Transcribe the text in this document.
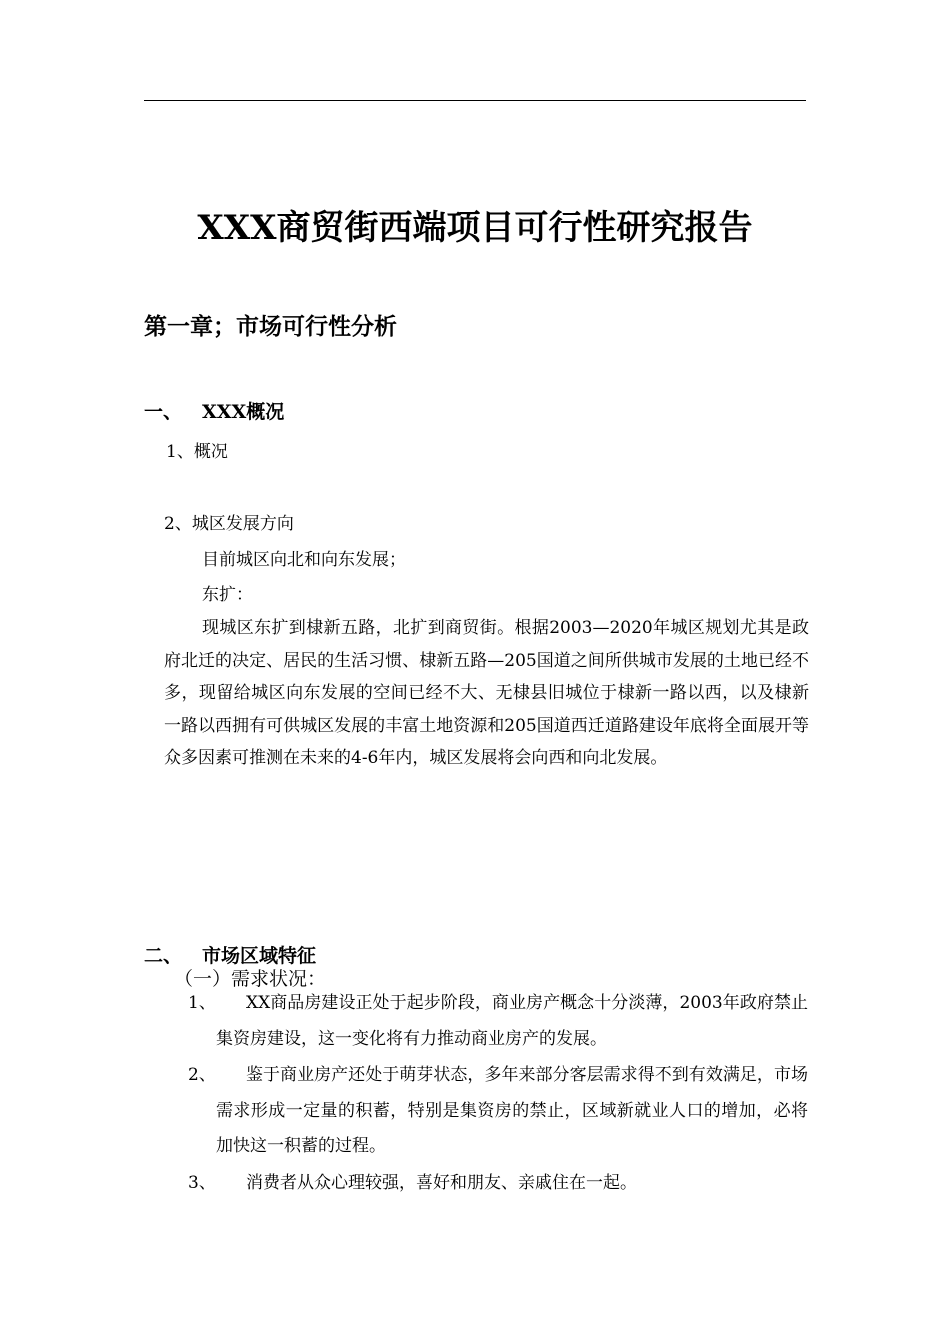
XXX商贸街西端项目可行性研究报告
第一章；市场可行性分析
一、 XXX概况
1、概况
2、城区发展方向
目前城区向北和向东发展；
东扩：
现城区东扩到棣新五路，北扩到商贸街。根据2003—2020年城区规划尤其是政府北迁的决定、居民的生活习惯、棣新五路—205国道之间所供城市发展的土地已经不多，现留给城区向东发展的空间已经不大、无棣县旧城位于棣新一路以西，以及棣新一路以西拥有可供城区发展的丰富土地资源和205国道西迁道路建设年底将全面展开等众多因素可推测在未来的4-6年内，城区发展将会向西和向北发展。
二、 市场区域特征
（一）需求状况：
1、	XX商品房建设正处于起步阶段，商业房产概念十分淡薄，2003年政府禁止集资房建设，这一变化将有力推动商业房产的发展。
2、	鉴于商业房产还处于萌芽状态，多年来部分客层需求得不到有效满足，市场需求形成一定量的积蓄，特别是集资房的禁止，区域新就业人口的增加，必将加快这一积蓄的过程。
3、	消费者从众心理较强，喜好和朋友、亲戚住在一起。
